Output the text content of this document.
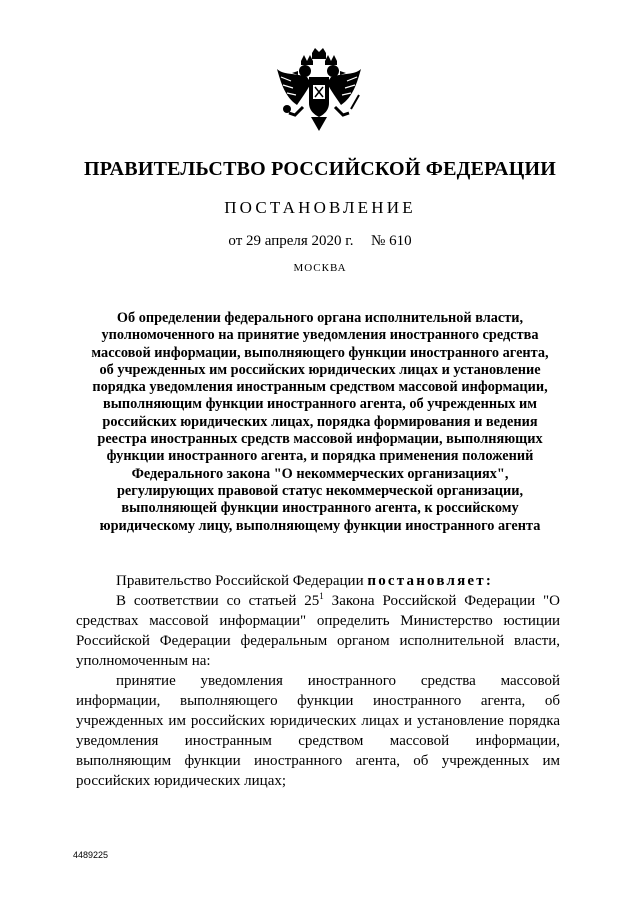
ПРАВИТЕЛЬСТВО РОССИЙСКОЙ ФЕДЕРАЦИИ
ПОСТАНОВЛЕНИЕ
от 29 апреля 2020 г. № 610
МОСКВА
Об определении федерального органа исполнительной власти,
уполномоченного на принятие уведомления иностранного средства
массовой информации, выполняющего функции иностранного агента,
об учрежденных им российских юридических лицах и установление
порядка уведомления иностранным средством массовой информации,
выполняющим функции иностранного агента, об учрежденных им
российских юридических лицах, порядка формирования и ведения
реестра иностранных средств массовой информации, выполняющих
функции иностранного агента, и порядка применения положений
Федерального закона "О некоммерческих организациях",
регулирующих правовой статус некоммерческой организации,
выполняющей функции иностранного агента, к российскому
юридическому лицу, выполняющему функции иностранного агента
Правительство Российской Федерации постановляет:
В соответствии со статьей $25^1$ Закона Российской Федерации "О средствах массовой информации" определить Министерство юстиции Российской Федерации федеральным органом исполнительной власти, уполномоченным на:
принятие уведомления иностранного средства массовой информации, выполняющего функции иностранного агента, об учрежденных им российских юридических лицах и установление порядка уведомления иностранным средством массовой информации, выполняющим функции иностранного агента, об учрежденных им российских юридических лицах;
4489225
